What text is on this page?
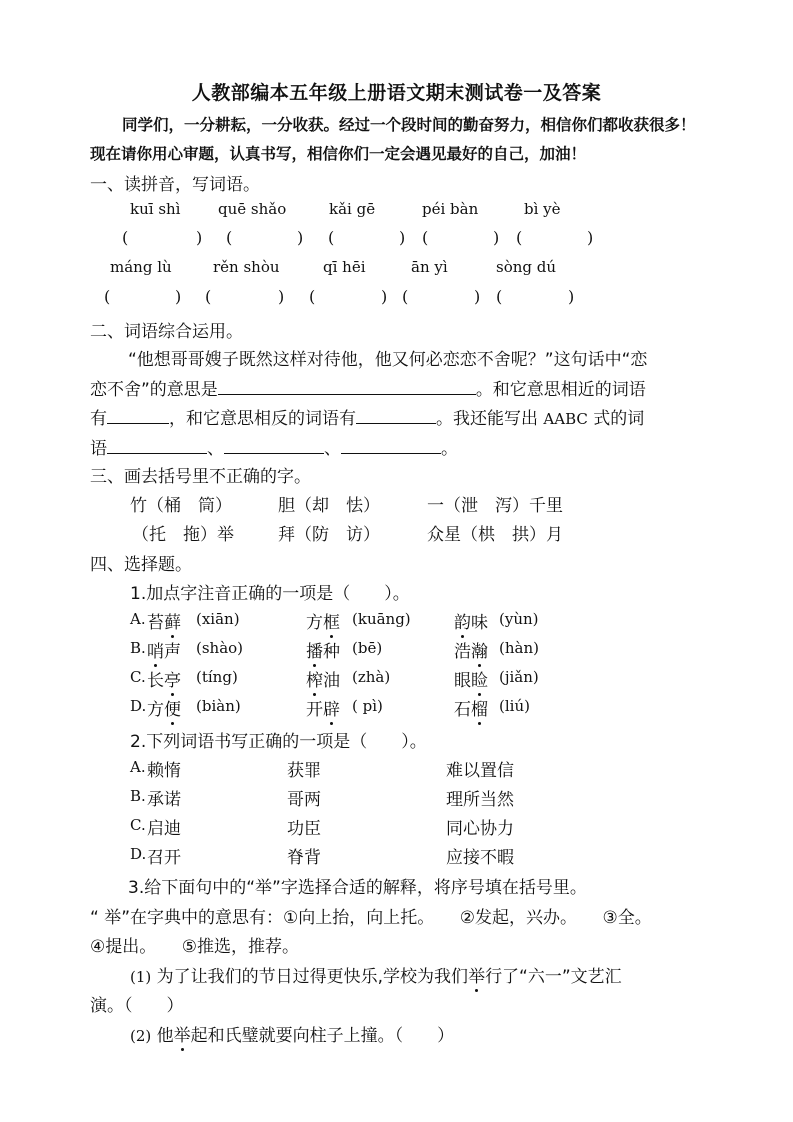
人教部编本五年级上册语文期末测试卷一及答案
同学们，一分耕耘，一分收获。经过一个段时间的勤奋努力，相信你们都收获很多！
现在请你用心审题，认真书写，相信你们一定会遇见最好的自己，加油！
一、读拼音，写词语。
kuī shì	quē shǎo	kǎi gē	péi bàn	bì yè
(	) (	) (	) (	) (	)
máng lù	rěn shòu	qī hēi	ān yì	sòng dú
(	) (	) (	) (	) (	)
二、词语综合运用。
“他想哥哥嫂子既然这样对待他，他又何必恋恋不舍呢？”这句话中“恋
恋不舍”的意思是	。和它意思相近的词语
有	，和它意思相反的词语有	。我还能写出 AABC 式的词
语	、	、	。
三、画去括号里不正确的字。
竹（桶　筒）	胆（却　怯）	一（泄　泻）千里
（托　拖）举	拜（防　访）	众星（栱　拱）月
四、选择题。
1.加点字注音正确的一项是（　　）。
A. 苔藓 (xiān)	方框 (kuāng)	韵味 (yùn)
B. 哨声 (shào)	播种 (bē)	浩瀚 (hàn)
C. 长亭 (tíng)	榨油 (zhà)	眼睑 (jiǎn)
D. 方便 (biàn)	开辟 ( pì)	石榴 (liú)
2.下列词语书写正确的一项是（　　）。
A. 赖惰	获罪	难以置信
B. 承诺	哥两	理所当然
C. 启迪	功臣	同心协力
D. 召开	脊背	应接不暇
3.给下面句中的“举”字选择合适的解释，将序号填在括号里。
“ 举”在字典中的意思有：①向上抬，向上托。　　②发起，兴办。　　③全。
④提出。　　⑤推选，推荐。
(1) 为了让我们的节日过得更快乐,学校为我们举行了“六一”文艺汇
演。（　　）
(2) 他举起和氏璧就要向柱子上撞。（　　）
